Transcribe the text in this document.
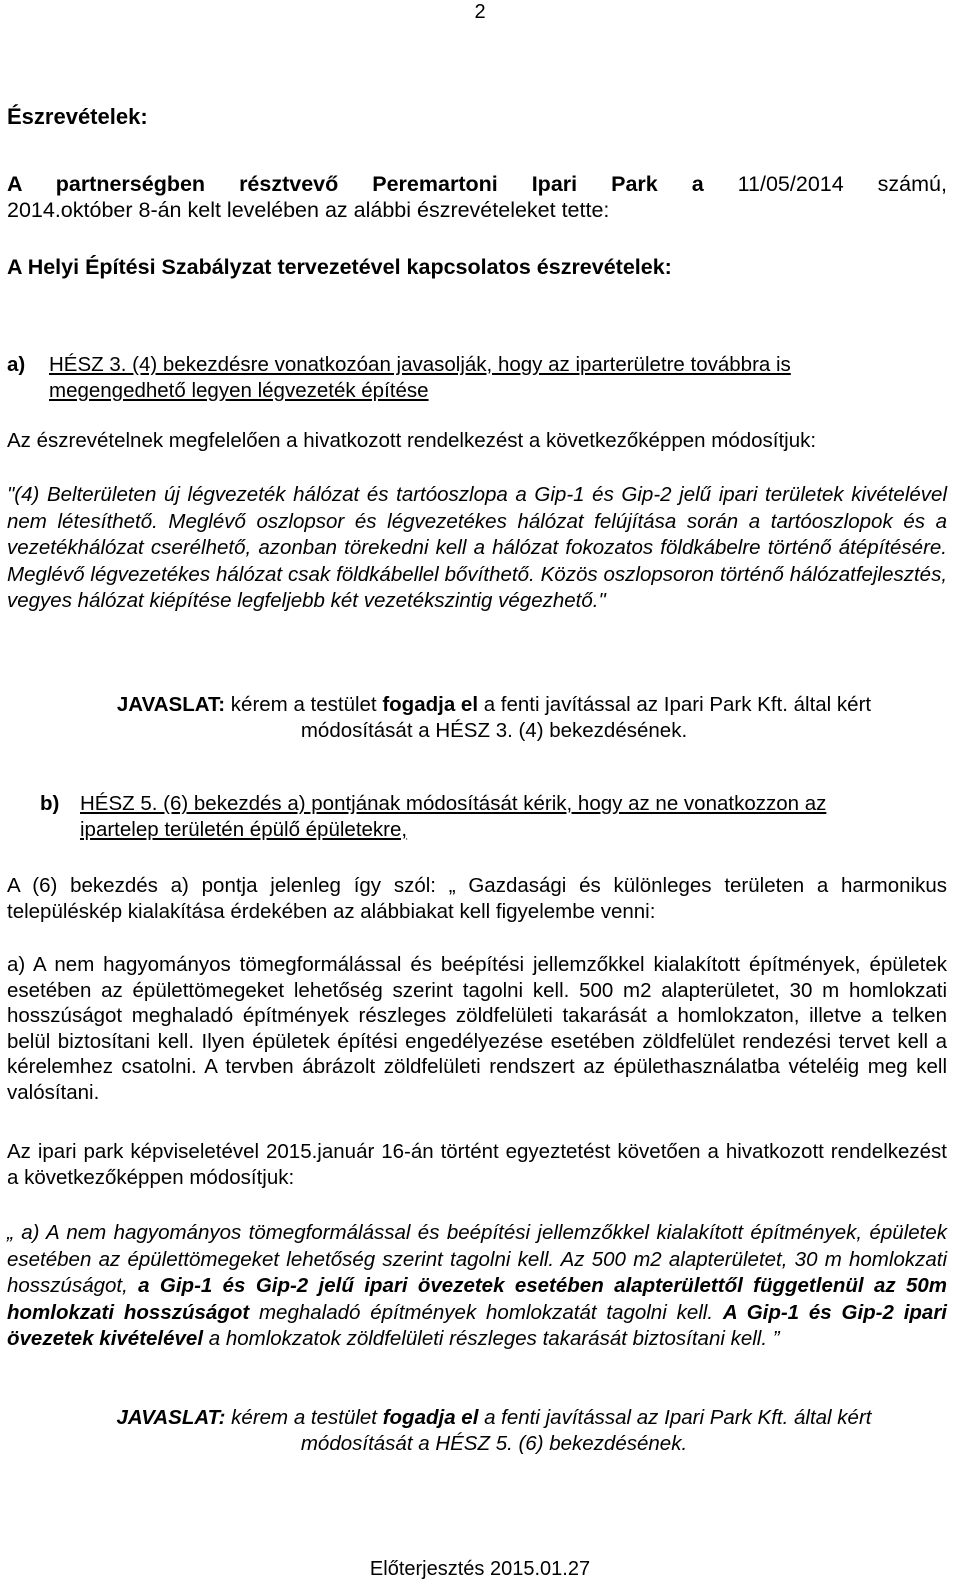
2
Észrevételek:
A partnerségben résztvevő Peremartoni Ipari Park a 11/05/2014 számú,
2014.október 8-án kelt levelében az alábbi észrevételeket tette:
A Helyi Építési Szabályzat tervezetével kapcsolatos észrevételek:
a)	HÉSZ 3. (4) bekezdésre vonatkozóan javasolják, hogy az iparterületre továbbra is
megengedhető legyen légvezeték építése
Az észrevételnek megfelelően a hivatkozott rendelkezést a következőképpen módosítjuk:
"(4) Belterületen új légvezeték hálózat és tartóoszlopa a Gip-1 és Gip-2 jelű ipari területek kivételével nem létesíthető. Meglévő oszlopsor és légvezetékes hálózat felújítása során a tartóoszlopok és a vezetékhálózat cserélhető, azonban törekedni kell a hálózat fokozatos földkábelre történő átépítésére. Meglévő légvezetékes hálózat csak földkábellel bővíthető. Közös oszlopsoron történő hálózatfejlesztés, vegyes hálózat kiépítése legfeljebb két vezetékszintig végezhető."
JAVASLAT: kérem a testület fogadja el a fenti javítással az Ipari Park Kft. által kért
módosítását a HÉSZ 3. (4) bekezdésének.
b)	HÉSZ 5. (6) bekezdés a) pontjának módosítását kérik, hogy az ne vonatkozzon az
ipartelep területén épülő épületekre,
A (6) bekezdés a) pontja jelenleg így szól: „ Gazdasági és különleges területen a harmonikus településkép kialakítása érdekében az alábbiakat kell figyelembe venni:
a) A nem hagyományos tömegformálással és beépítési jellemzőkkel kialakított építmények, épületek esetében az épülettömegeket lehetőség szerint tagolni kell. 500 m2 alapterületet, 30 m homlokzati hosszúságot meghaladó építmények részleges zöldfelületi takarását a homlokzaton, illetve a telken belül biztosítani kell. Ilyen épületek építési engedélyezése esetében zöldfelület rendezési tervet kell a kérelemhez csatolni. A tervben ábrázolt zöldfelületi rendszert az épülethasználatba vételéig meg kell valósítani.
Az ipari park képviseletével 2015.január 16-án történt egyeztetést követően a hivatkozott rendelkezést a következőképpen módosítjuk:
„ a) A nem hagyományos tömegformálással és beépítési jellemzőkkel kialakított építmények, épületek esetében az épülettömegeket lehetőség szerint tagolni kell. Az 500 m2 alapterületet, 30 m homlokzati hosszúságot, a Gip-1 és Gip-2 jelű ipari övezetek esetében alapterülettől függetlenül az 50m homlokzati hosszúságot meghaladó építmények homlokzatát tagolni kell. A Gip-1 és Gip-2 ipari övezetek kivételével a homlokzatok zöldfelületi részleges takarását biztosítani kell. ”
JAVASLAT: kérem a testület fogadja el a fenti javítással az Ipari Park Kft. által kért
módosítását a HÉSZ 5. (6) bekezdésének.
Előterjesztés 2015.01.27
